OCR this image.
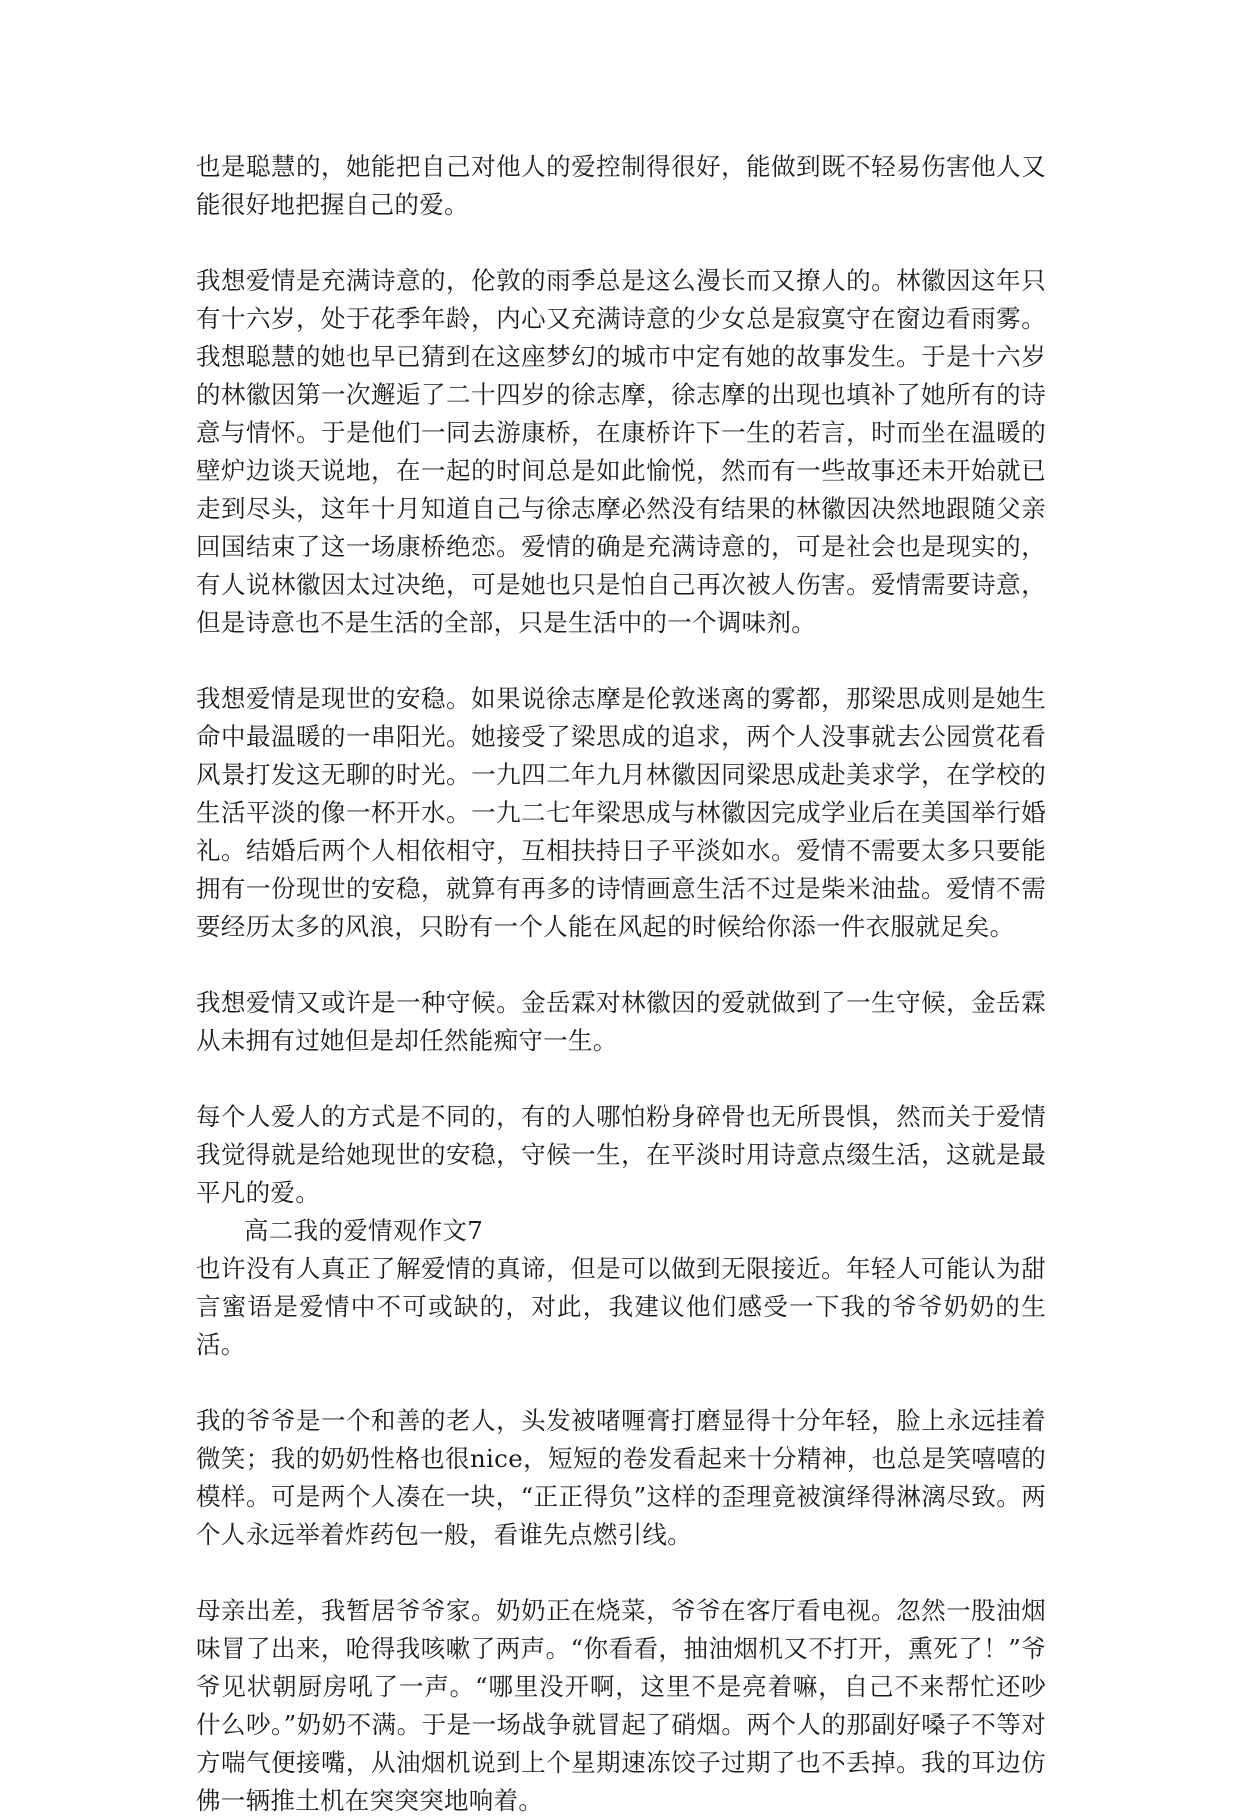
也是聪慧的，她能把自己对他人的爱控制得很好，能做到既不轻易伤害他人又能很好地把握自己的爱。

我想爱情是充满诗意的，伦敦的雨季总是这么漫长而又撩人的。林徽因这年只有十六岁，处于花季年龄，内心又充满诗意的少女总是寂寞守在窗边看雨雾。我想聪慧的她也早已猜到在这座梦幻的城市中定有她的故事发生。于是十六岁的林徽因第一次邂逅了二十四岁的徐志摩，徐志摩的出现也填补了她所有的诗意与情怀。于是他们一同去游康桥，在康桥许下一生的若言，时而坐在温暖的壁炉边谈天说地，在一起的时间总是如此愉悦，然而有一些故事还未开始就已走到尽头，这年十月知道自己与徐志摩必然没有结果的林徽因决然地跟随父亲回国结束了这一场康桥绝恋。爱情的确是充满诗意的，可是社会也是现实的，有人说林徽因太过决绝，可是她也只是怕自己再次被人伤害。爱情需要诗意，但是诗意也不是生活的全部，只是生活中的一个调味剂。

我想爱情是现世的安稳。如果说徐志摩是伦敦迷离的雾都，那梁思成则是她生命中最温暖的一串阳光。她接受了梁思成的追求，两个人没事就去公园赏花看风景打发这无聊的时光。一九四二年九月林徽因同梁思成赴美求学，在学校的生活平淡的像一杯开水。一九二七年梁思成与林徽因完成学业后在美国举行婚礼。结婚后两个人相依相守，互相扶持日子平淡如水。爱情不需要太多只要能拥有一份现世的安稳，就算有再多的诗情画意生活不过是柴米油盐。爱情不需要经历太多的风浪，只盼有一个人能在风起的时候给你添一件衣服就足矣。

我想爱情又或许是一种守候。金岳霖对林徽因的爱就做到了一生守候，金岳霖从未拥有过她但是却任然能痴守一生。

每个人爱人的方式是不同的，有的人哪怕粉身碎骨也无所畏惧，然而关于爱情我觉得就是给她现世的安稳，守候一生，在平淡时用诗意点缀生活，这就是最平凡的爱。

高二我的爱情观作文7

也许没有人真正了解爱情的真谛，但是可以做到无限接近。年轻人可能认为甜言蜜语是爱情中不可或缺的，对此，我建议他们感受一下我的爷爷奶奶的生活。

我的爷爷是一个和善的老人，头发被啫喱膏打磨显得十分年轻，脸上永远挂着微笑；我的奶奶性格也很nice，短短的卷发看起来十分精神，也总是笑嘻嘻的模样。可是两个人凑在一块，“正正得负”这样的歪理竟被演绎得淋漓尽致。两个人永远举着炸药包一般，看谁先点燃引线。

母亲出差，我暂居爷爷家。奶奶正在烧菜，爷爷在客厅看电视。忽然一股油烟味冒了出来，呛得我咳嗽了两声。“你看看，抽油烟机又不打开，熏死了！”爷爷见状朝厨房吼了一声。“哪里没开啊，这里不是亮着嘛，自己不来帮忙还吵什么吵。”奶奶不满。于是一场战争就冒起了硝烟。两个人的那副好嗓子不等对方喘气便接嘴，从油烟机说到上个星期速冻饺子过期了也不丢掉。我的耳边仿佛一辆推土机在突突突地响着。
